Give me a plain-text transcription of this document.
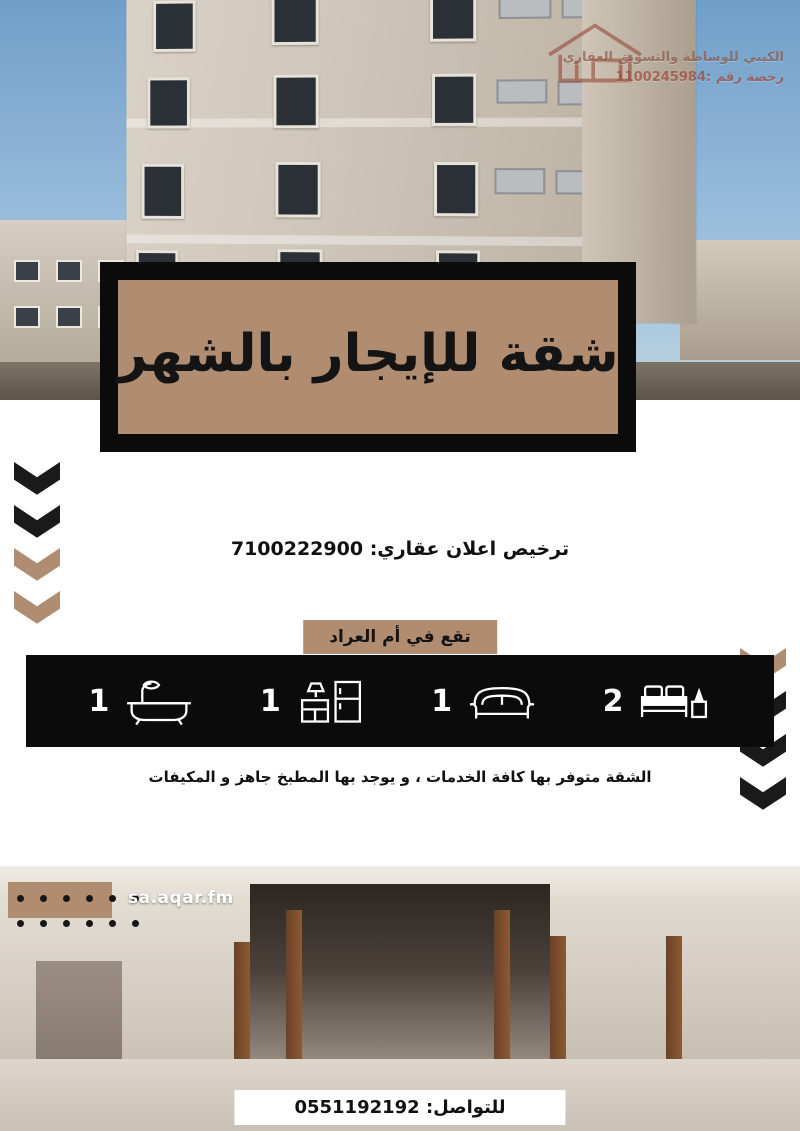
الكيني للوساطة والتسويق العقاري
رخصة رقم :1100245984
شقة للإيجار بالشهر
ترخيص اعلان عقاري: 7100222900
تقع في أم العراد
2
1
1
1
الشقة متوفر بها كافة الخدمات ، و يوجد بها المطبخ جاهز و المكيفات
sa.aqar.fm
للتواصل: 0551192192
